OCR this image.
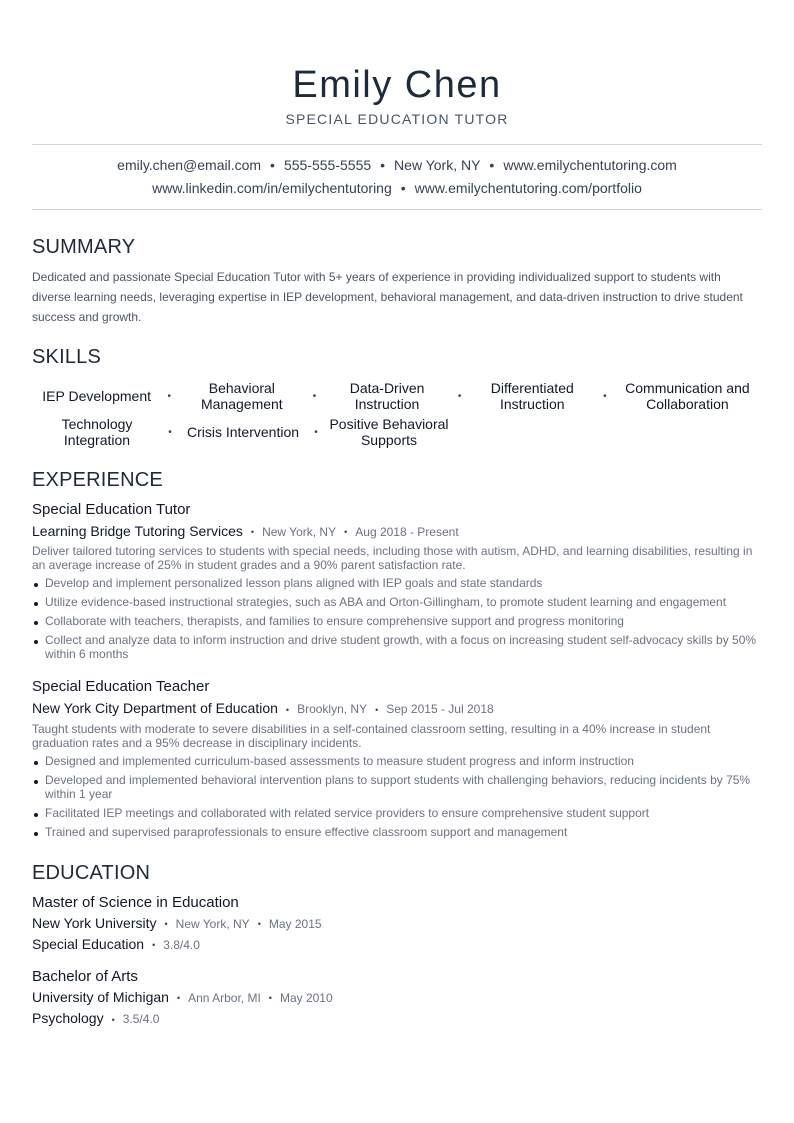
Emily Chen
SPECIAL EDUCATION TUTOR
emily.chen@email.com • 555-555-5555 • New York, NY • www.emilychentutoring.com
www.linkedin.com/in/emilychentutoring • www.emilychentutoring.com/portfolio
SUMMARY

Dedicated and passionate Special Education Tutor with 5+ years of experience in providing individualized support to students with diverse learning needs, leveraging expertise in IEP development, behavioral management, and data-driven instruction to drive student success and growth.

SKILLS
IEP Development	•	Behavioral Management	•	Data-Driven Instruction	•	Differentiated Instruction	•	Communication and Collaboration
Technology Integration	•	Crisis Intervention	• Positive Behavioral Supports
EXPERIENCE
Special Education Tutor
Learning Bridge Tutoring Services • New York, NY • Aug 2018 - Present
Deliver tailored tutoring services to students with special needs, including those with autism, ADHD, and learning disabilities, resulting in an average increase of 25% in student grades and a 90% parent satisfaction rate.
Develop and implement personalized lesson plans aligned with IEP goals and state standards
Utilize evidence-based instructional strategies, such as ABA and Orton-Gillingham, to promote student learning and engagement
Collaborate with teachers, therapists, and families to ensure comprehensive support and progress monitoring
Collect and analyze data to inform instruction and drive student growth, with a focus on increasing student self-advocacy skills by 50% within 6 months
Special Education Teacher
New York City Department of Education • Brooklyn, NY • Sep 2015 - Jul 2018
Taught students with moderate to severe disabilities in a self-contained classroom setting, resulting in a 40% increase in student graduation rates and a 95% decrease in disciplinary incidents.
Designed and implemented curriculum-based assessments to measure student progress and inform instruction
Developed and implemented behavioral intervention plans to support students with challenging behaviors, reducing incidents by 75% within 1 year
Facilitated IEP meetings and collaborated with related service providers to ensure comprehensive student support
Trained and supervised paraprofessionals to ensure effective classroom support and management
EDUCATION
Master of Science in Education
New York University • New York, NY • May 2015
Special Education • 3.8/4.0
Bachelor of Arts
University of Michigan • Ann Arbor, MI • May 2010
Psychology • 3.5/4.0
